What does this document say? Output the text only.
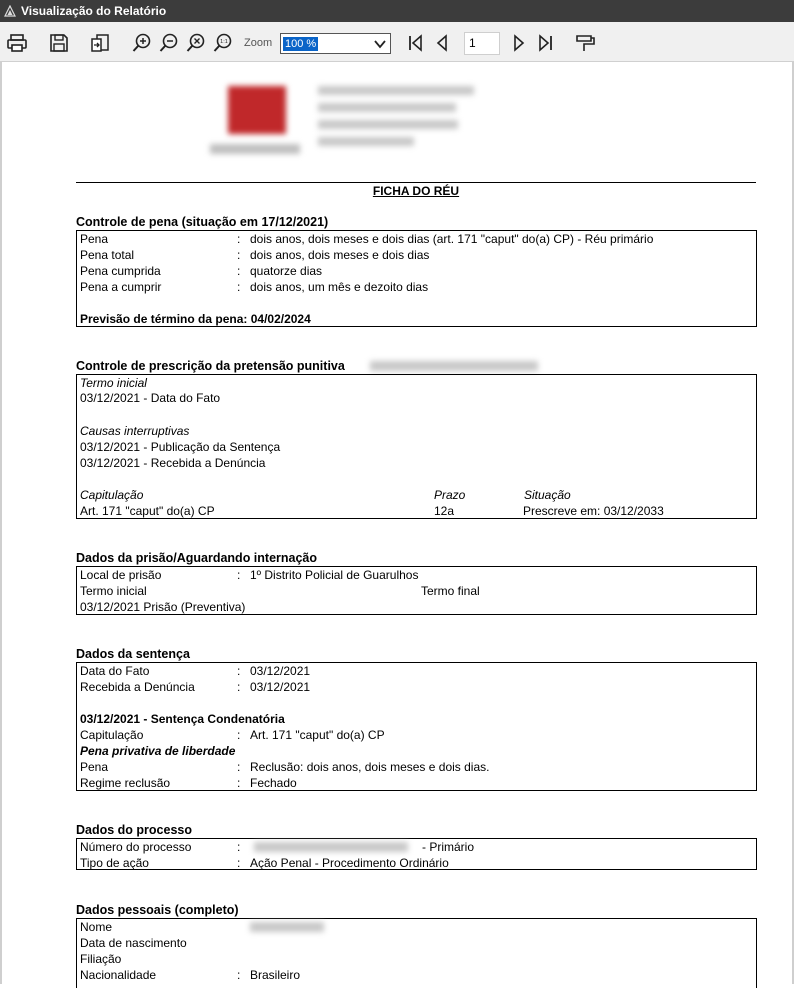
Visualização do Relatório
1:1 Zoom 100 %	1
FICHA DO RÉU
Controle de pena (situação em 17/12/2021)
Pena	: dois anos, dois meses e dois dias (art. 171 "caput" do(a) CP) - Réu primário
Pena total	: dois anos, dois meses e dois dias
Pena cumprida	: quatorze dias
Pena a cumprir	: dois anos, um mês e dezoito dias
Previsão de término da pena: 04/02/2024
Controle de prescrição da pretensão punitiva
Termo inicial
03/12/2021 - Data do Fato
Causas interruptivas
03/12/2021 - Publicação da Sentença
03/12/2021 - Recebida a Denúncia
Capitulação	Prazo	Situação
Art. 171 "caput" do(a) CP	12a	Prescreve em: 03/12/2033
Dados da prisão/Aguardando internação
Local de prisão	: 1º Distrito Policial de Guarulhos
Termo inicial	Termo final
03/12/2021 Prisão (Preventiva)
Dados da sentença
Data do Fato	: 03/12/2021
Recebida a Denúncia	: 03/12/2021
03/12/2021 - Sentença Condenatória
Capitulação	: Art. 171 "caput" do(a) CP
Pena privativa de liberdade
Pena	: Reclusão: dois anos, dois meses e dois dias.
Regime reclusão	: Fechado
Dados do processo
Número do processo	:	- Primário
Tipo de ação	: Ação Penal - Procedimento Ordinário
Dados pessoais (completo)
Nome
Data de nascimento
Filiação
Nacionalidade	: Brasileiro
